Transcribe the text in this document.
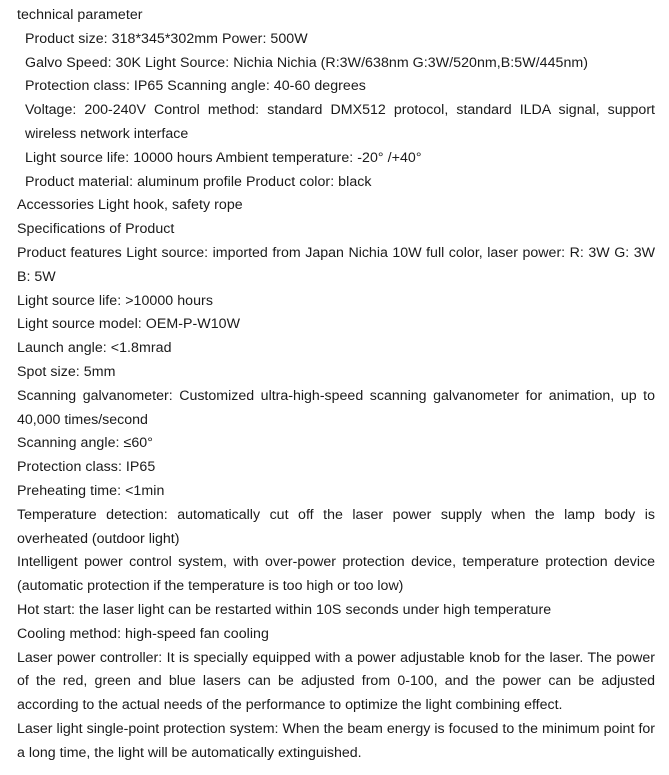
technical parameter
Product size: 318*345*302mm Power: 500W
Galvo Speed: 30K Light Source: Nichia Nichia (R:3W/638nm G:3W/520nm,B:5W/445nm)
Protection class: IP65 Scanning angle: 40-60 degrees
Voltage: 200-240V Control method: standard DMX512 protocol, standard ILDA signal, support wireless network interface
Light source life: 10000 hours Ambient temperature: -20° /+40°
Product material: aluminum profile Product color: black
Accessories Light hook, safety rope
Specifications of Product
Product features Light source: imported from Japan Nichia 10W full color, laser power: R: 3W G: 3W B: 5W
Light source life: >10000 hours
Light source model: OEM-P-W10W
Launch angle: <1.8mrad
Spot size: 5mm
Scanning galvanometer: Customized ultra-high-speed scanning galvanometer for animation, up to 40,000 times/second
Scanning angle: ≤60°
Protection class: IP65
Preheating time: <1min
Temperature detection: automatically cut off the laser power supply when the lamp body is overheated (outdoor light)
Intelligent power control system, with over-power protection device, temperature protection device (automatic protection if the temperature is too high or too low)
Hot start: the laser light can be restarted within 10S seconds under high temperature
Cooling method: high-speed fan cooling
Laser power controller: It is specially equipped with a power adjustable knob for the laser. The power of the red, green and blue lasers can be adjusted from 0-100, and the power can be adjusted according to the actual needs of the performance to optimize the light combining effect.
Laser light single-point protection system: When the beam energy is focused to the minimum point for a long time, the light will be automatically extinguished.
